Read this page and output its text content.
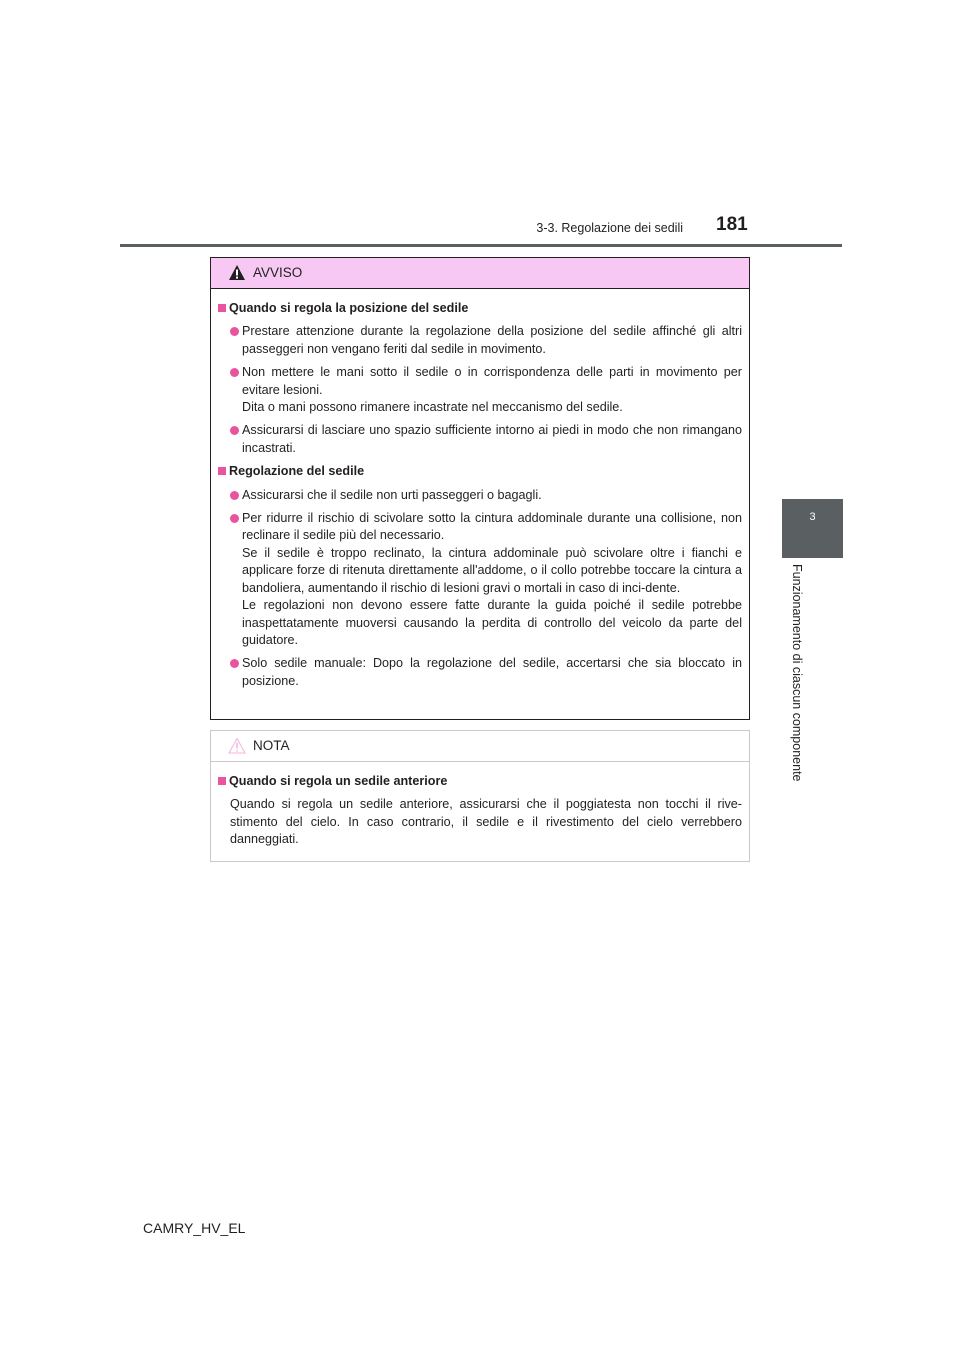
3-3. Regolazione dei sedili 181
3
Funzionamento di ciascun componente
AVVISO
Quando si regola la posizione del sedile
Prestare attenzione durante la regolazione della posizione del sedile affinché gli altri passeggeri non vengano feriti dal sedile in movimento.
Non mettere le mani sotto il sedile o in corrispondenza delle parti in movimento per evitare lesioni.
Dita o mani possono rimanere incastrate nel meccanismo del sedile.
Assicurarsi di lasciare uno spazio sufficiente intorno ai piedi in modo che non rimangano incastrati.
Regolazione del sedile
Assicurarsi che il sedile non urti passeggeri o bagagli.
Per ridurre il rischio di scivolare sotto la cintura addominale durante una collisione, non reclinare il sedile più del necessario.
Se il sedile è troppo reclinato, la cintura addominale può scivolare oltre i fianchi e applicare forze di ritenuta direttamente all'addome, o il collo potrebbe toccare la cintura a bandoliera, aumentando il rischio di lesioni gravi o mortali in caso di inci-dente.
Le regolazioni non devono essere fatte durante la guida poiché il sedile potrebbe inaspettatamente muoversi causando la perdita di controllo del veicolo da parte del guidatore.
Solo sedile manuale: Dopo la regolazione del sedile, accertarsi che sia bloccato in posizione.
NOTA
Quando si regola un sedile anteriore
Quando si regola un sedile anteriore, assicurarsi che il poggiatesta non tocchi il rive-stimento del cielo. In caso contrario, il sedile e il rivestimento del cielo verrebbero danneggiati.
CAMRY_HV_EL
